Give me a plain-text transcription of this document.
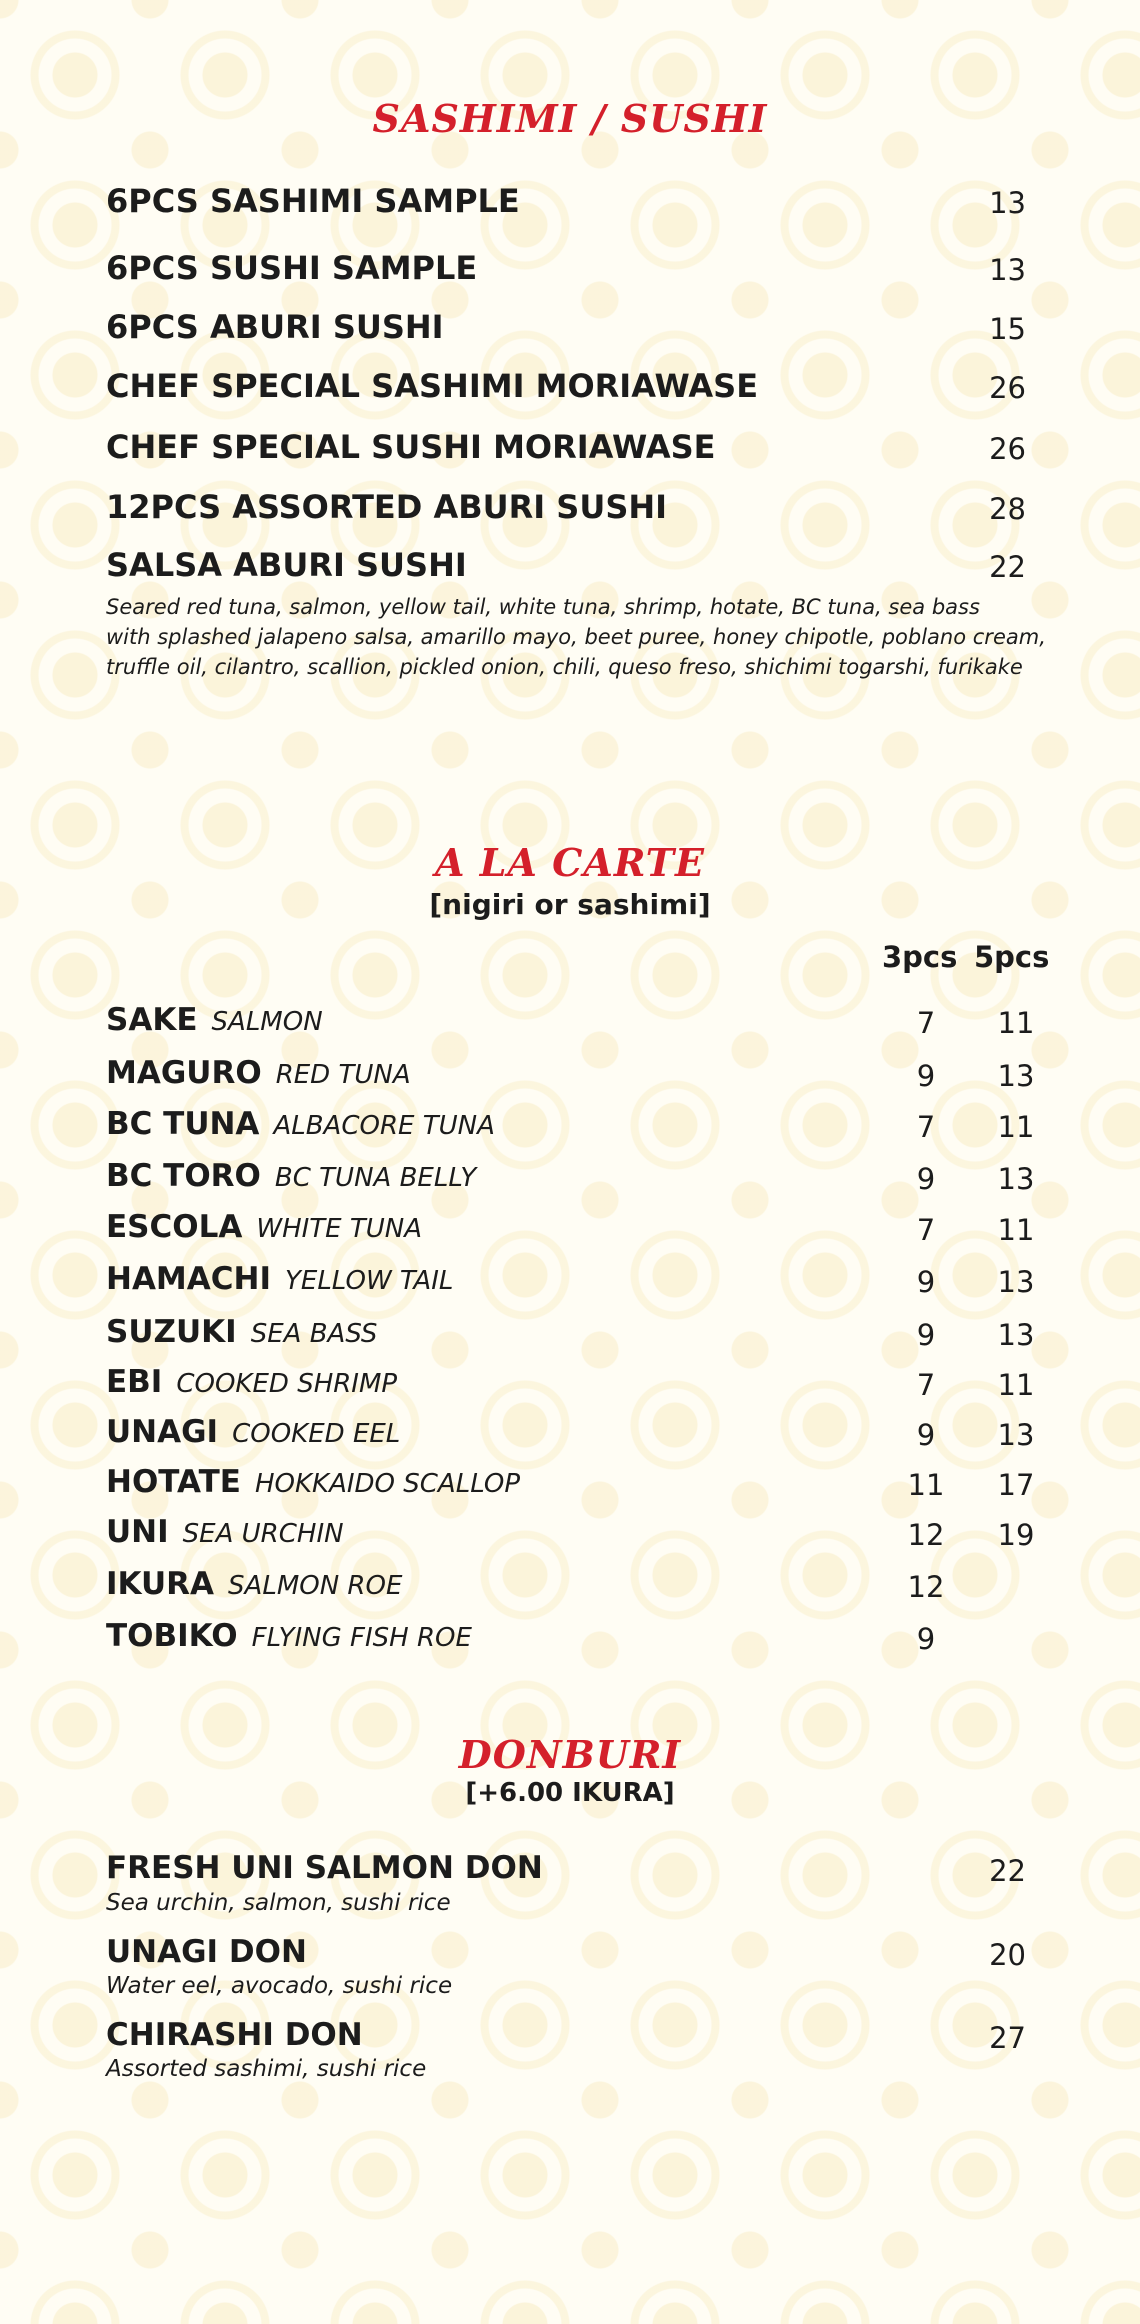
SASHIMI / SUSHI
6PCS SASHIMI SAMPLE	13
6PCS SUSHI SAMPLE	13
6PCS ABURI SUSHI	15
CHEF SPECIAL SASHIMI MORIAWASE	26
CHEF SPECIAL SUSHI MORIAWASE	26
12PCS ASSORTED ABURI SUSHI	28
SALSA ABURI SUSHI	22
Seared red tuna, salmon, yellow tail, white tuna, shrimp, hotate, BC tuna, sea bass
with splashed jalapeno salsa, amarillo mayo, beet puree, honey chipotle, poblano cream,
truffle oil, cilantro, scallion, pickled onion, chili, queso freso, shichimi togarshi, furikake
A LA CARTE
[nigiri or sashimi]
3pcs 5pcs
SAKE SALMON	7	11
MAGURO RED TUNA	9	13
BC TUNA ALBACORE TUNA	7	11
BC TORO BC TUNA BELLY	9	13
ESCOLA WHITE TUNA	7	11
HAMACHI YELLOW TAIL	9	13
SUZUKI SEA BASS	9	13
EBI COOKED SHRIMP	7	11
UNAGI COOKED EEL	9	13
HOTATE HOKKAIDO SCALLOP	11	17
UNI SEA URCHIN	12	19
IKURA SALMON ROE	12
TOBIKO FLYING FISH ROE	9
DONBURI
[+6.00 IKURA]
FRESH UNI SALMON DON	22
Sea urchin, salmon, sushi rice
UNAGI DON	20
Water eel, avocado, sushi rice
CHIRASHI DON	27
Assorted sashimi, sushi rice
